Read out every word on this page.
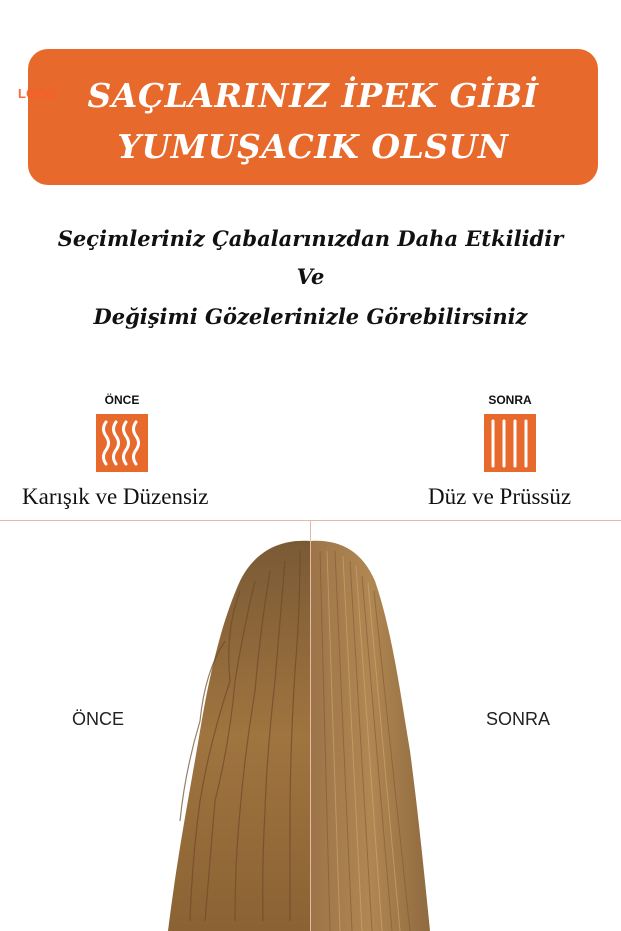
SAÇLARINIZ İPEK GİBİ
YUMUŞACIK OLSUN
LOGO
Seçimleriniz Çabalarınızdan Daha Etkilidir
Ve
Değişimi Gözelerinizle Görebilirsiniz
ÖNCE
Karışık ve Düzensiz
SONRA
Düz ve Prüssüz
ÖNCE	SONRA
